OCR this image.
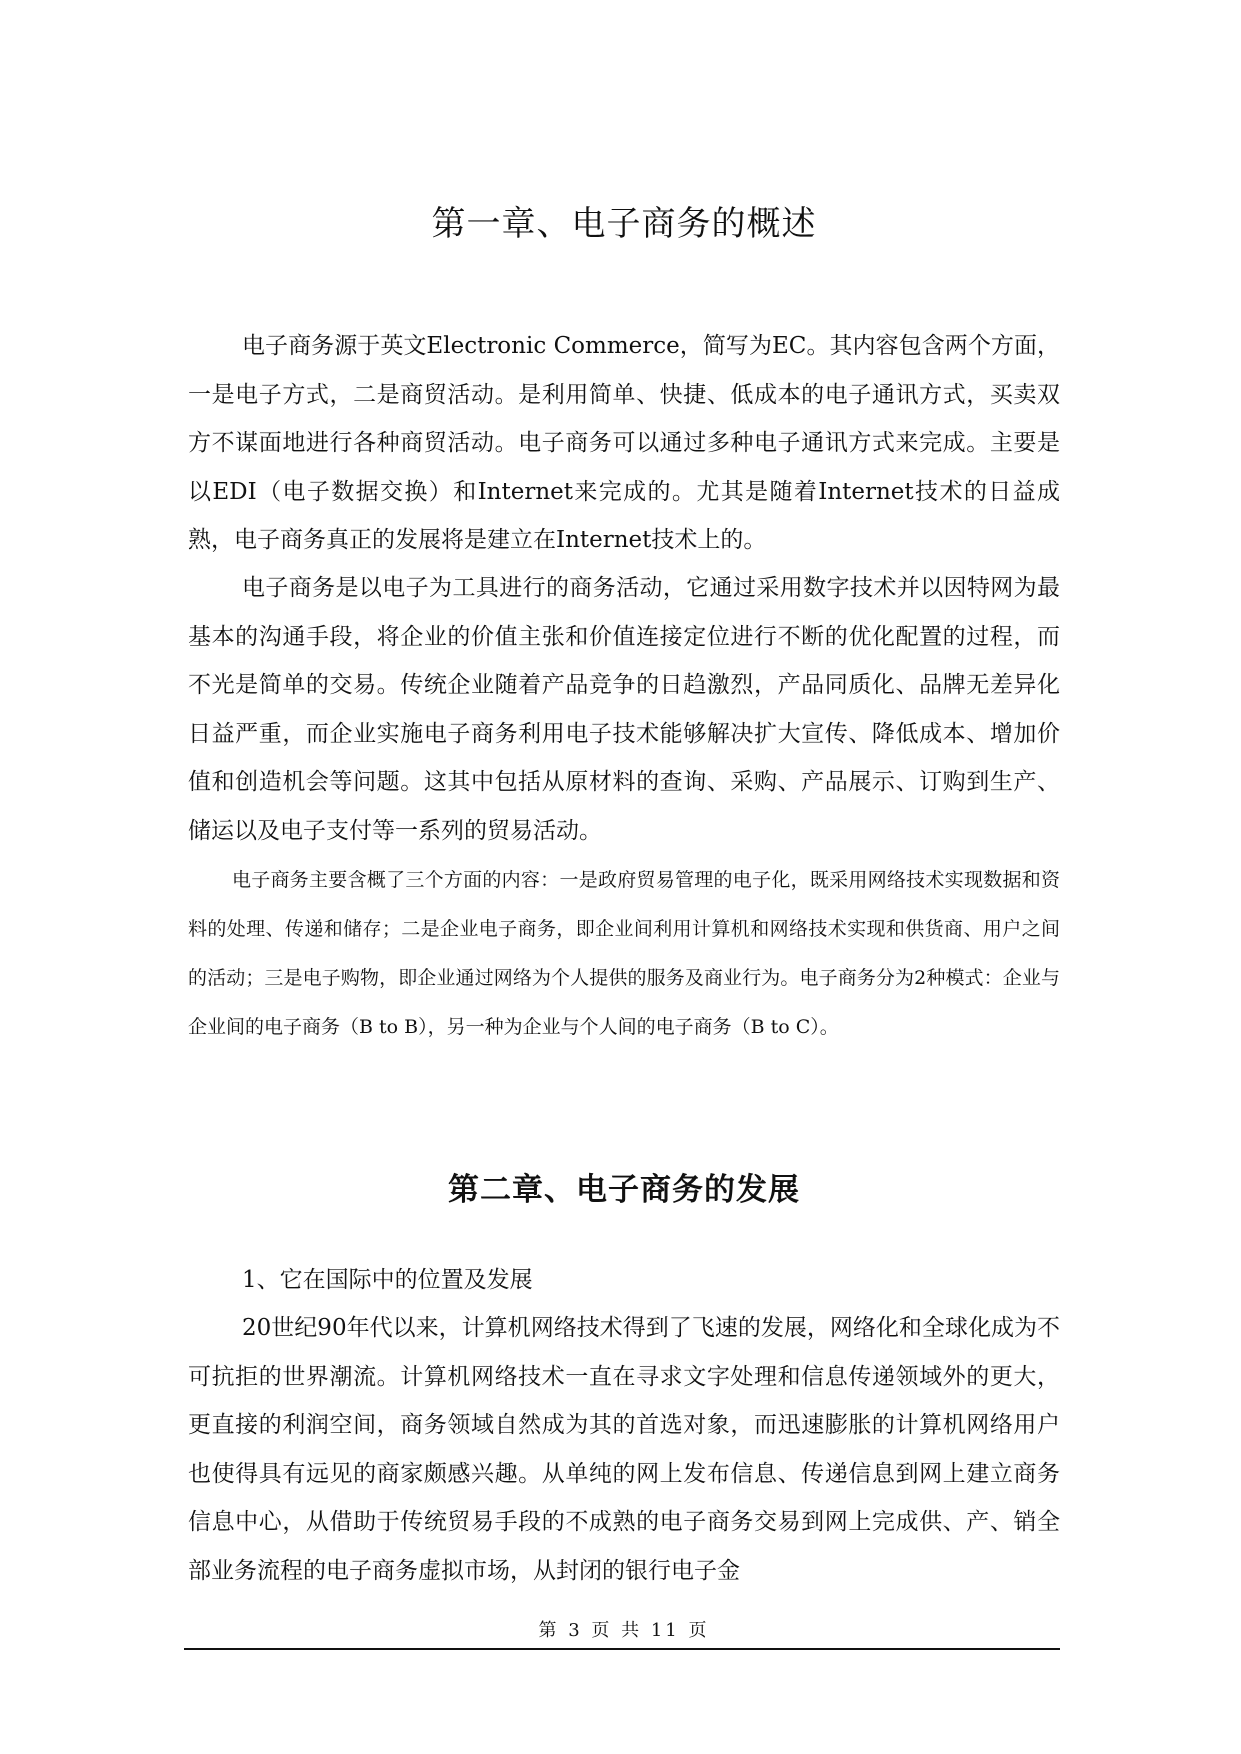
第一章、电子商务的概述

电子商务源于英文Electronic Commerce，简写为EC。其内容包含两个方面，一是电子方式，二是商贸活动。是利用简单、快捷、低成本的电子通讯方式，买卖双方不谋面地进行各种商贸活动。电子商务可以通过多种电子通讯方式来完成。主要是以EDI（电子数据交换）和Internet来完成的。尤其是随着Internet技术的日益成熟，电子商务真正的发展将是建立在Internet技术上的。

电子商务是以电子为工具进行的商务活动，它通过采用数字技术并以因特网为最基本的沟通手段，将企业的价值主张和价值连接定位进行不断的优化配置的过程，而不光是简单的交易。传统企业随着产品竞争的日趋激烈，产品同质化、品牌无差异化日益严重，而企业实施电子商务利用电子技术能够解决扩大宣传、降低成本、增加价值和创造机会等问题。这其中包括从原材料的查询、采购、产品展示、订购到生产、储运以及电子支付等一系列的贸易活动。

电子商务主要含概了三个方面的内容：一是政府贸易管理的电子化，既采用网络技术实现数据和资料的处理、传递和储存；二是企业电子商务，即企业间利用计算机和网络技术实现和供货商、用户之间的活动；三是电子购物，即企业通过网络为个人提供的服务及商业行为。电子商务分为2种模式：企业与企业间的电子商务（B to B），另一种为企业与个人间的电子商务（B to C）。

第二章、电子商务的发展

1、它在国际中的位置及发展

20世纪90年代以来，计算机网络技术得到了飞速的发展，网络化和全球化成为不可抗拒的世界潮流。计算机网络技术一直在寻求文字处理和信息传递领域外的更大，更直接的利润空间，商务领域自然成为其的首选对象，而迅速膨胀的计算机网络用户也使得具有远见的商家颇感兴趣。从单纯的网上发布信息、传递信息到网上建立商务信息中心，从借助于传统贸易手段的不成熟的电子商务交易到网上完成供、产、销全部业务流程的电子商务虚拟市场，从封闭的银行电子金

第 3 页 共 11 页
